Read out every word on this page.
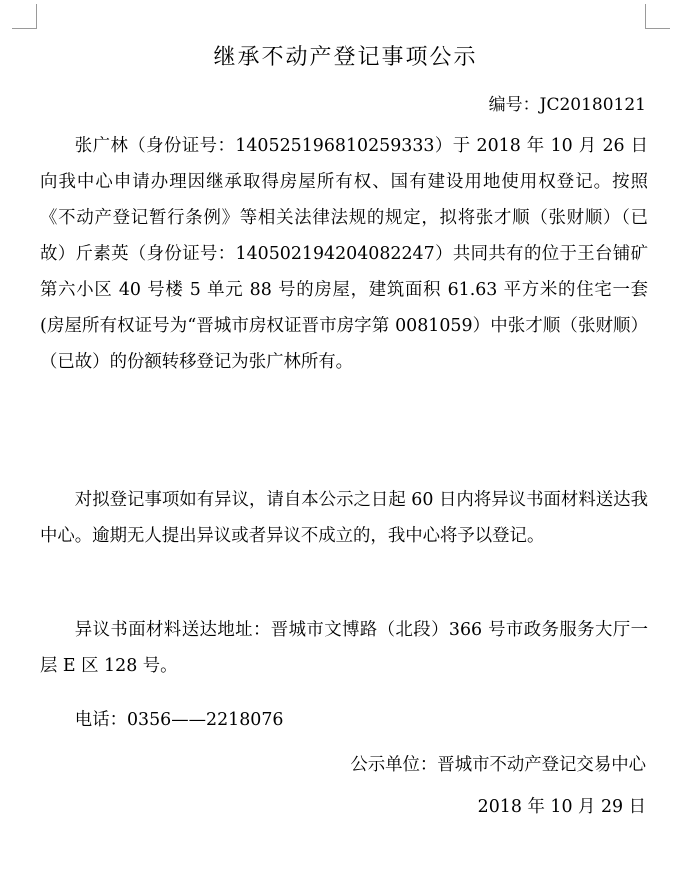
继承不动产登记事项公示
编号：JC20180121
张广林（身份证号：140525196810259333）于 2018 年 10 月 26 日向我中心申请办理因继承取得房屋所有权、国有建设用地使用权登记。按照《不动产登记暂行条例》等相关法律法规的规定，拟将张才顺（张财顺）（已故）斤素英（身份证号：140502194204082247）共同共有的位于王台铺矿第六小区 40 号楼 5 单元 88 号的房屋，建筑面积 61.63 平方米的住宅一套(房屋所有权证号为“晋城市房权证晋市房字第 0081059）中张才顺（张财顺）（已故）的份额转移登记为张广林所有。
对拟登记事项如有异议，请自本公示之日起 60 日内将异议书面材料送达我中心。逾期无人提出异议或者异议不成立的，我中心将予以登记。
异议书面材料送达地址：晋城市文博路（北段）366 号市政务服务大厅一层 E 区 128 号。
电话：0356——2218076
公示单位：晋城市不动产登记交易中心
2018 年 10 月 29 日
